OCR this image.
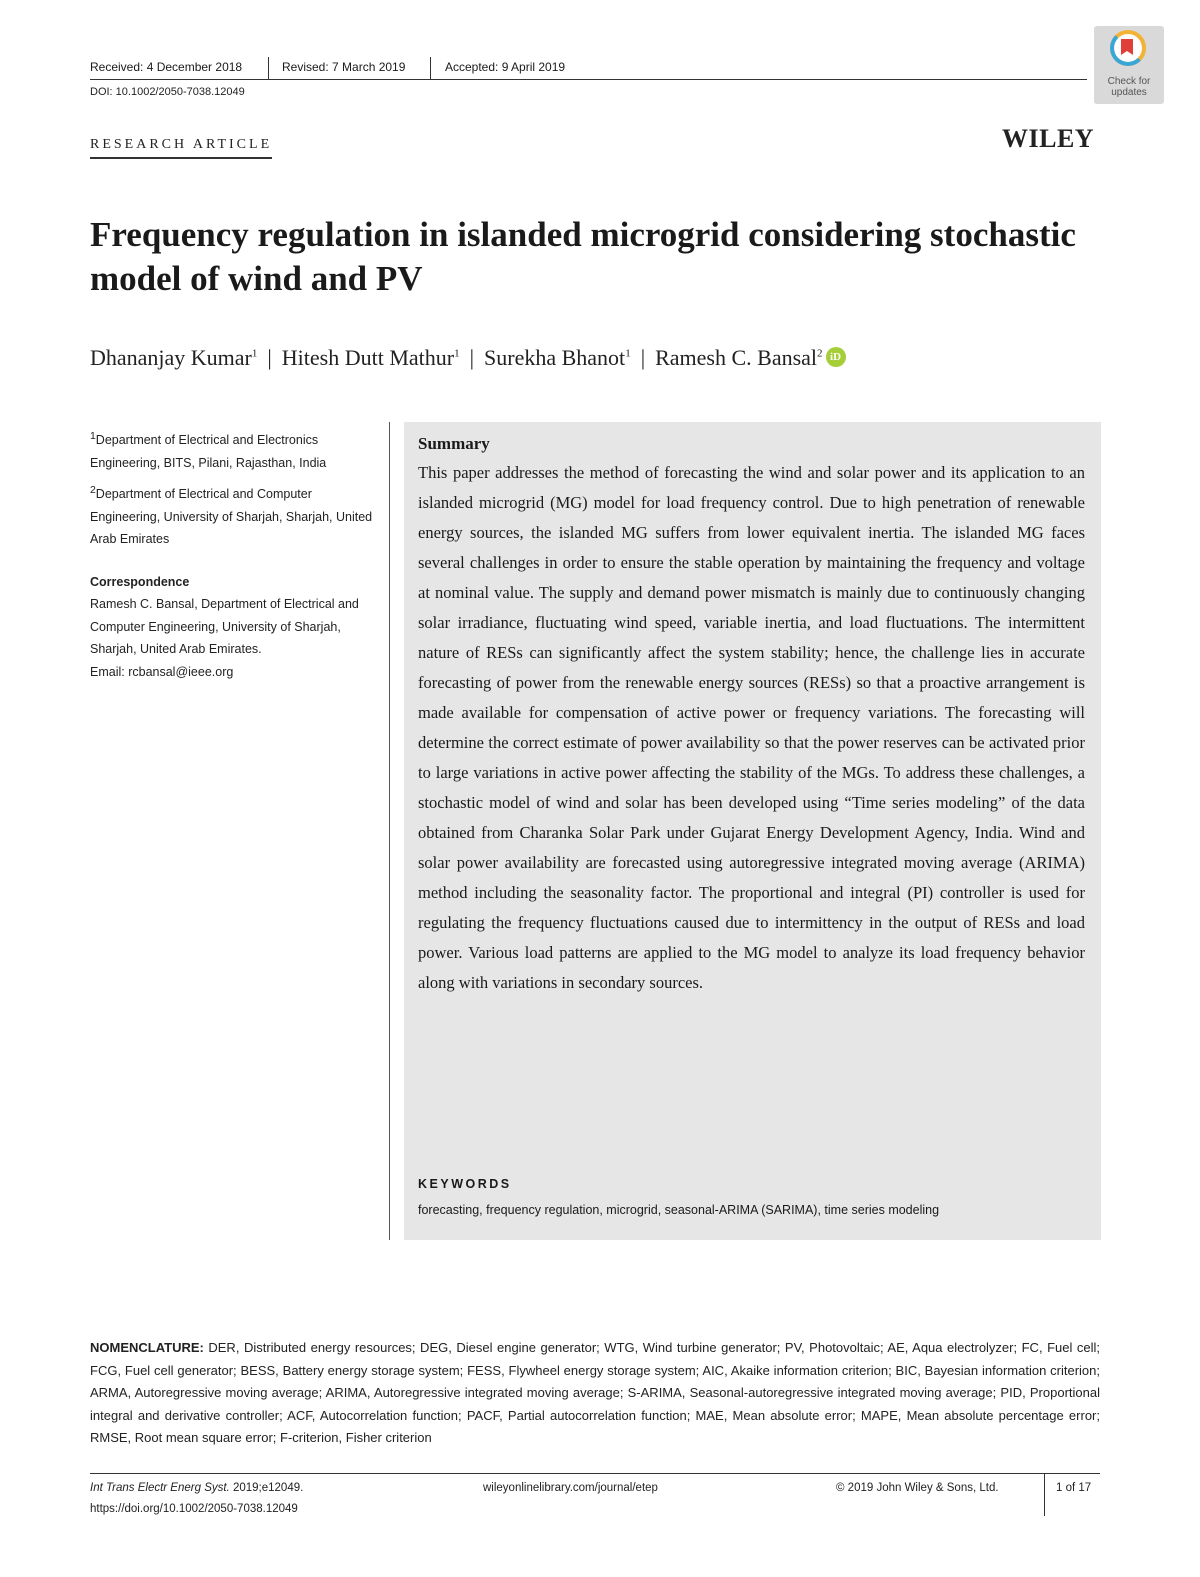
Received: 4 December 2018	Revised: 7 March 2019	Accepted: 9 April 2019
DOI: 10.1002/2050-7038.12049
Check for updates
RESEARCH ARTICLE	WILEY
Frequency regulation in islanded microgrid considering stochastic model of wind and PV
Dhananjay Kumar$^1$ | Hitesh Dutt Mathur$^1$ | Surekha Bhanot$^1$ | Ramesh C. Bansal$^2$ iD

$^1$Department of Electrical and Electronics Engineering, BITS, Pilani, Rajasthan, India

$^2$Department of Electrical and Computer Engineering, University of Sharjah, Sharjah, United Arab Emirates

Correspondence

Ramesh C. Bansal, Department of Electrical and Computer Engineering, University of Sharjah, Sharjah, United Arab Emirates.

Email: rcbansal@ieee.org

Summary
This paper addresses the method of forecasting the wind and solar power and its application to an islanded microgrid (MG) model for load frequency control. Due to high penetration of renewable energy sources, the islanded MG suffers from lower equivalent inertia. The islanded MG faces several challenges in order to ensure the stable operation by maintaining the frequency and voltage at nominal value. The supply and demand power mismatch is mainly due to continuously changing solar irradiance, fluctuating wind speed, variable inertia, and load fluctuations. The intermittent nature of RESs can significantly affect the system stability; hence, the challenge lies in accurate forecasting of power from the renewable energy sources (RESs) so that a proactive arrangement is made available for compensation of active power or frequency variations. The forecasting will determine the correct estimate of power availability so that the power reserves can be activated prior to large variations in active power affecting the stability of the MGs. To address these challenges, a stochastic model of wind and solar has been developed using “Time series modeling” of the data obtained from Charanka Solar Park under Gujarat Energy Development Agency, India. Wind and solar power availability are forecasted using autoregressive integrated moving average (ARIMA) method including the seasonality factor. The proportional and integral (PI) controller is used for regulating the frequency fluctuations caused due to intermittency in the output of RESs and load power. Various load patterns are applied to the MG model to analyze its load frequency behavior along with variations in secondary sources.
KEYWORDS
forecasting, frequency regulation, microgrid, seasonal-ARIMA (SARIMA), time series modeling
NOMENCLATURE: DER, Distributed energy resources; DEG, Diesel engine generator; WTG, Wind turbine generator; PV, Photovoltaic; AE, Aqua electrolyzer; FC, Fuel cell; FCG, Fuel cell generator; BESS, Battery energy storage system; FESS, Flywheel energy storage system; AIC, Akaike information criterion; BIC, Bayesian information criterion; ARMA, Autoregressive moving average; ARIMA, Autoregressive integrated moving average; S-ARIMA, Seasonal-autoregressive integrated moving average; PID, Proportional integral and derivative controller; ACF, Autocorrelation function; PACF, Partial autocorrelation function; MAE, Mean absolute error; MAPE, Mean absolute percentage error; RMSE, Root mean square error; F-criterion, Fisher criterion
Int Trans Electr Energ Syst. 2019;e12049.
https://doi.org/10.1002/2050-7038.12049
wileyonlinelibrary.com/journal/etep	© 2019 John Wiley & Sons, Ltd.	1 of 17
